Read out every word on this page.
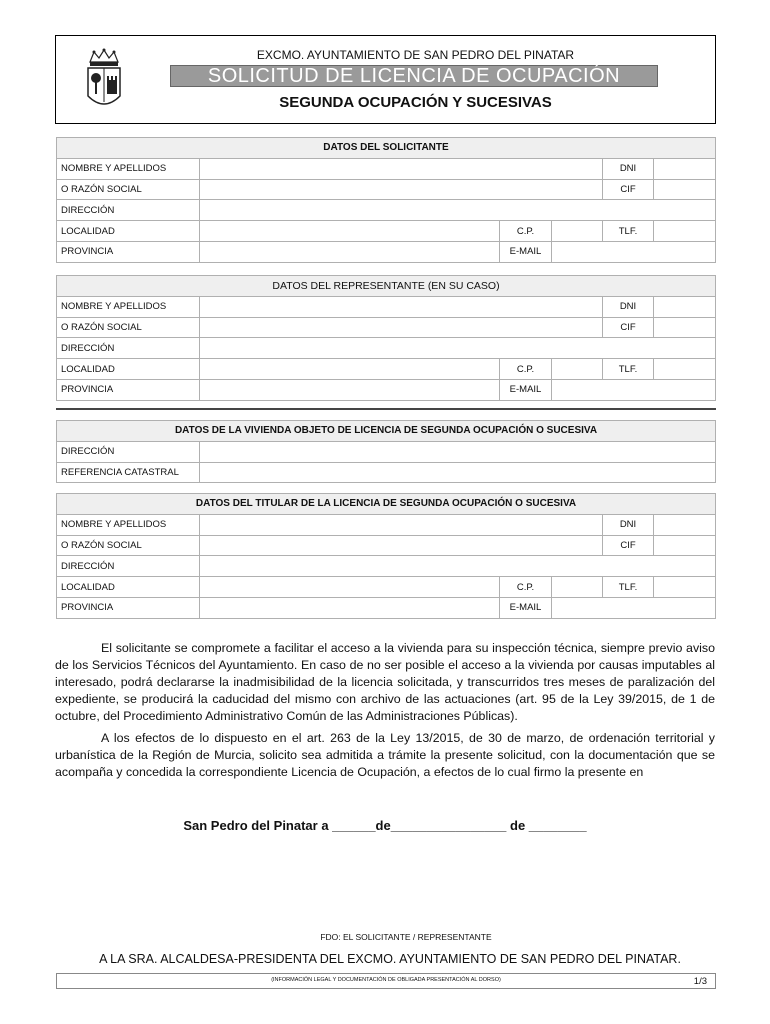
EXCMO. AYUNTAMIENTO DE SAN PEDRO DEL PINATAR
SOLICITUD DE LICENCIA DE OCUPACIÓN
SEGUNDA OCUPACIÓN Y SUCESIVAS
DATOS DEL SOLICITANTE					
NOMBRE Y APELLIDOS				DNI	
O RAZÓN SOCIAL				CIF	
DIRECCIÓN					
LOCALIDAD		C.P.		TLF.	
PROVINCIA		E-MAIL			
DATOS DEL REPRESENTANTE (EN SU CASO)					
NOMBRE Y APELLIDOS				DNI	
O RAZÓN SOCIAL				CIF	
DIRECCIÓN					
LOCALIDAD		C.P.		TLF.	
PROVINCIA		E-MAIL			
DATOS DE LA VIVIENDA OBJETO DE LICENCIA DE SEGUNDA OCUPACIÓN O SUCESIVA	
DIRECCIÓN	
REFERENCIA CATASTRAL	
DATOS DEL TITULAR DE LA LICENCIA DE SEGUNDA OCUPACIÓN O SUCESIVA					
NOMBRE Y APELLIDOS				DNI	
O RAZÓN SOCIAL				CIF	
DIRECCIÓN					
LOCALIDAD		C.P.		TLF.	
PROVINCIA		E-MAIL			

El solicitante se compromete a facilitar el acceso a la vivienda para su inspección técnica, siempre previo aviso de los Servicios Técnicos del Ayuntamiento. En caso de no ser posible el acceso a la vivienda por causas imputables al interesado, podrá declararse la inadmisibilidad de la licencia solicitada, y transcurridos tres meses de paralización del expediente, se producirá la caducidad del mismo con archivo de las actuaciones (art. 95 de la Ley 39/2015, de 1 de octubre, del Procedimiento Administrativo Común de las Administraciones Públicas).

A los efectos de lo dispuesto en el art. 263 de la Ley 13/2015, de 30 de marzo, de ordenación territorial y urbanística de la Región de Murcia, solicito sea admitida a trámite la presente solicitud, con la documentación que se acompaña y concedida la correspondiente Licencia de Ocupación, a efectos de lo cual firmo la presente en

San Pedro del Pinatar a ______de________________ de ________
FDO: EL SOLICITANTE / REPRESENTANTE
A LA SRA. ALCALDESA-PRESIDENTA DEL EXCMO. AYUNTAMIENTO DE SAN PEDRO DEL PINATAR.
(INFORMACIÓN LEGAL Y DOCUMENTACIÓN DE OBLIGADA PRESENTACIÓN AL DORSO)	1/3
